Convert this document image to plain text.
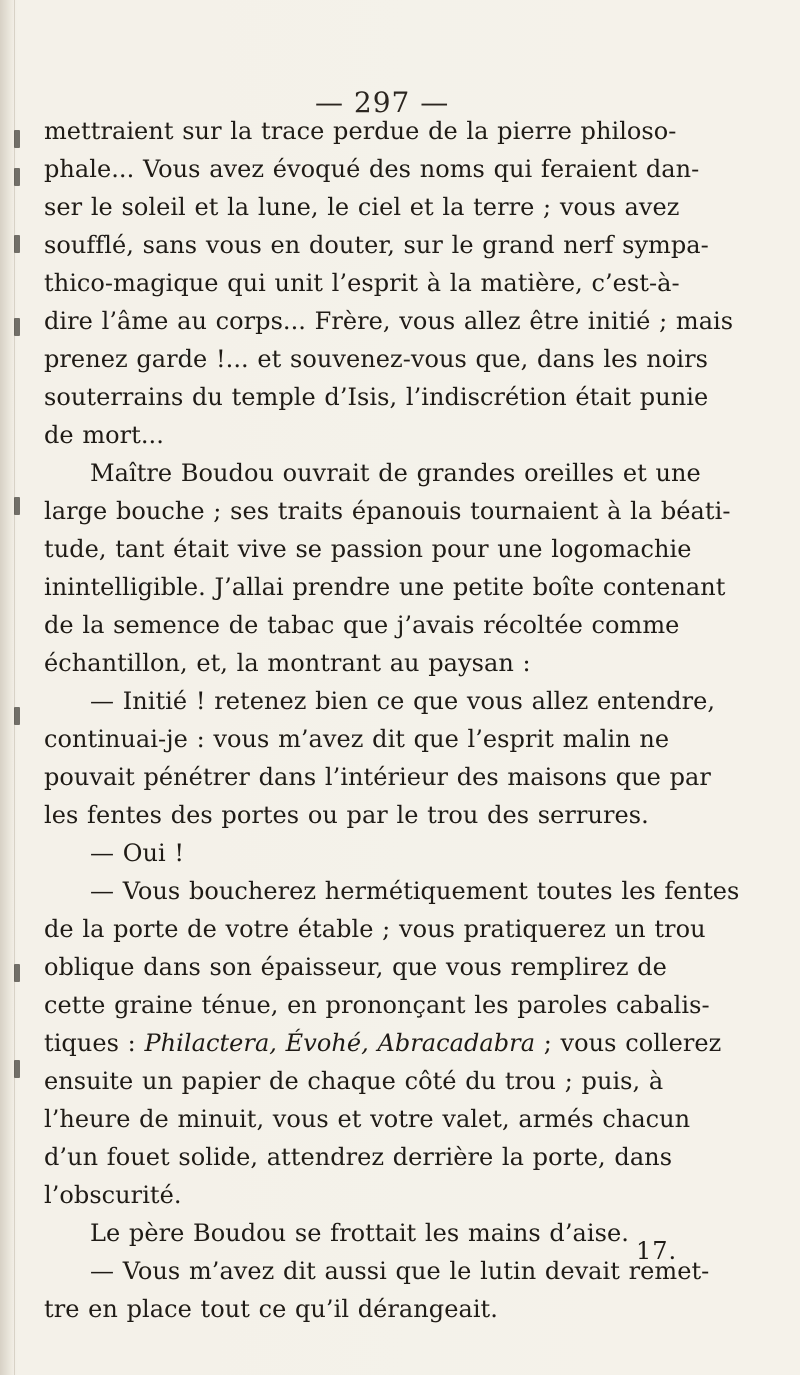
— 297 —
mettraient sur la trace perdue de la pierre philoso-
phale... Vous avez évoqué des noms qui feraient dan-
ser le soleil et la lune, le ciel et la terre ; vous avez
soufflé, sans vous en douter, sur le grand nerf sympa-
thico-magique qui unit l’esprit à la matière, c’est-à-
dire l’âme au corps... Frère, vous allez être initié ; mais
prenez garde !... et souvenez-vous que, dans les noirs
souterrains du temple d’Isis, l’indiscrétion était punie
de mort...
Maître Boudou ouvrait de grandes oreilles et une
large bouche ; ses traits épanouis tournaient à la béati-
tude, tant était vive se passion pour une logomachie
inintelligible. J’allai prendre une petite boîte contenant
de la semence de tabac que j’avais récoltée comme
échantillon, et, la montrant au paysan :
— Initié ! retenez bien ce que vous allez entendre,
continuai-je : vous m’avez dit que l’esprit malin ne
pouvait pénétrer dans l’intérieur des maisons que par
les fentes des portes ou par le trou des serrures.
— Oui !
— Vous boucherez hermétiquement toutes les fentes
de la porte de votre étable ; vous pratiquerez un trou
oblique dans son épaisseur, que vous remplirez de
cette graine ténue, en prononçant les paroles cabalis-
tiques : Philactera, Évohé, Abracadabra ; vous collerez
ensuite un papier de chaque côté du trou ; puis, à
l’heure de minuit, vous et votre valet, armés chacun
d’un fouet solide, attendrez derrière la porte, dans
l’obscurité.
Le père Boudou se frottait les mains d’aise.
— Vous m’avez dit aussi que le lutin devait remet-
tre en place tout ce qu’il dérangeait.
17.
